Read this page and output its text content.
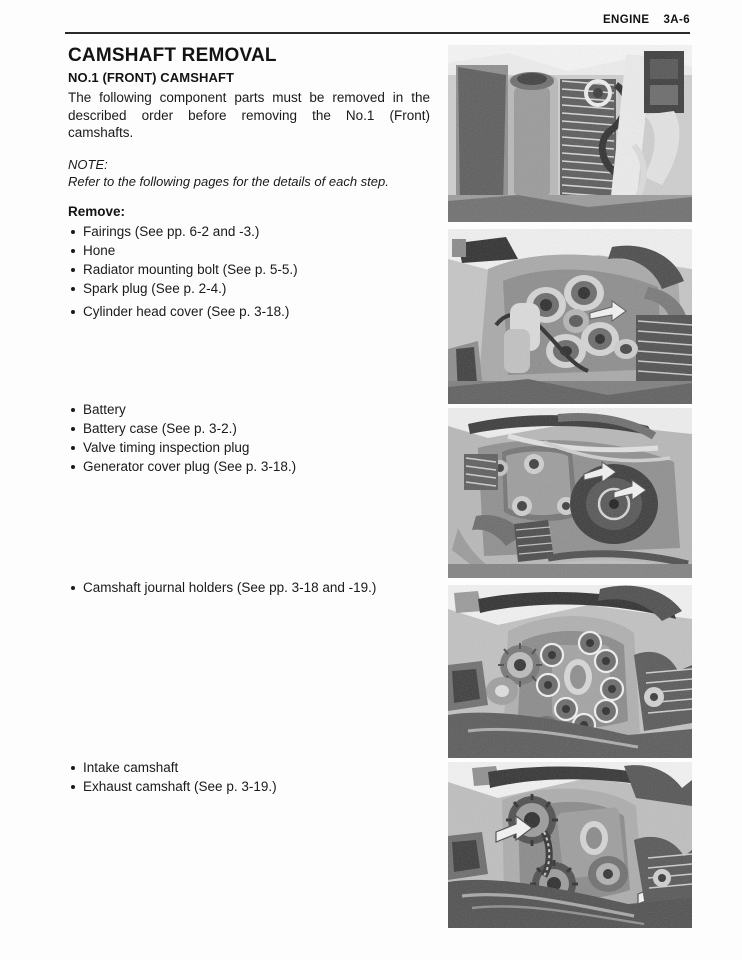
ENGINE 3A-6
CAMSHAFT REMOVAL
NO.1 (FRONT) CAMSHAFT

The following component parts must be removed in the described order before removing the No.1 (Front) camshafts.

NOTE:

Refer to the following pages for the details of each step.

Remove:

Fairings (See pp. 6-2 and -3.)
Hone
Radiator mounting bolt (See p. 5-5.)
Spark plug (See p. 2-4.)
Cylinder head cover (See p. 3-18.)
Battery
Battery case (See p. 3-2.)
Valve timing inspection plug
Generator cover plug (See p. 3-18.)
Camshaft journal holders (See pp. 3-18 and -19.)
Intake camshaft
Exhaust camshaft (See p. 3-19.)
